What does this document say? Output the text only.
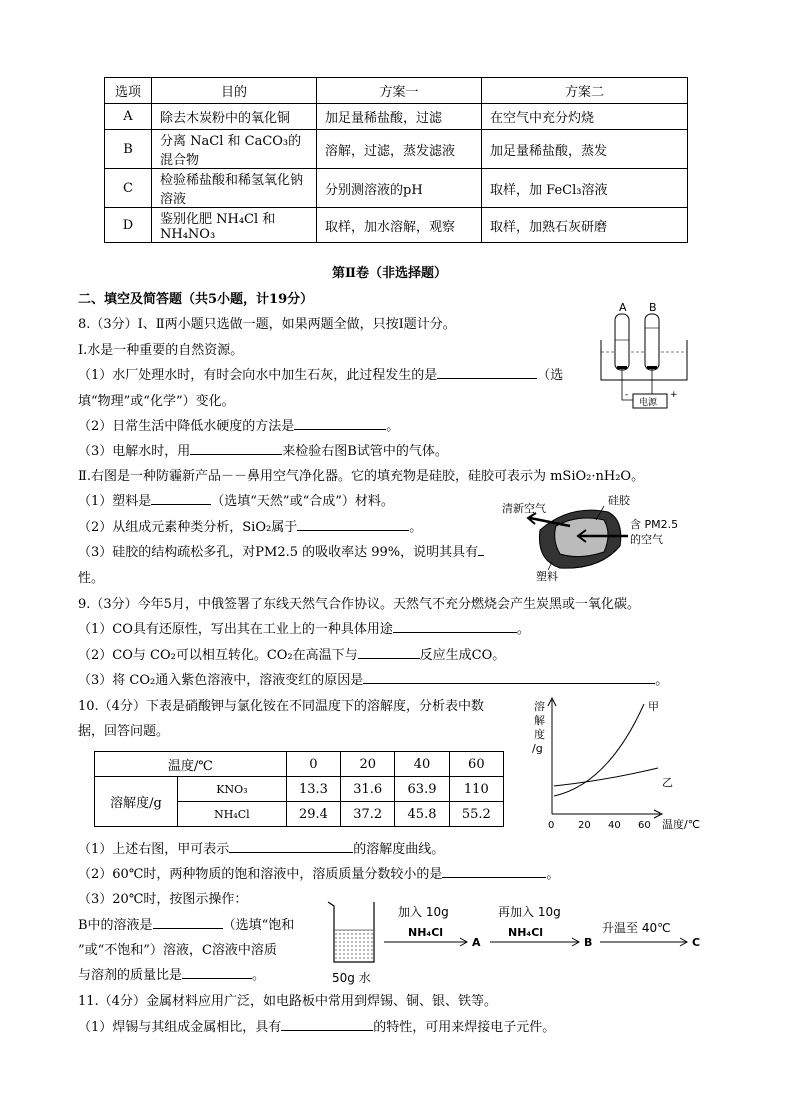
选项	目的	方案一	方案二
A	除去木炭粉中的氧化铜	加足量稀盐酸，过滤	在空气中充分灼烧
B	分离 NaCl 和 CaCO₃的混合物	溶解，过滤，蒸发滤液	加足量稀盐酸，蒸发
C	检验稀盐酸和稀氢氧化钠溶液	分别测溶液的pH	取样，加 FeCl₃溶液
D	鉴别化肥 NH₄Cl 和 NH₄NO₃	取样，加水溶解，观察	取样，加熟石灰研磨
第Ⅱ卷（非选择题）
二、填空及简答题（共5小题，计19分）
8.（3分）Ⅰ、Ⅱ两小题只选做一题，如果两题全做，只按Ⅰ题计分。
Ⅰ.水是一种重要的自然资源。
（1）水厂处理水时，有时会向水中加生石灰，此过程发生的是	（选
填“物理”或“化学”）变化。
（2）日常生活中降低水硬度的方法是	。
（3）电解水时，用	来检验右图B试管中的气体。
Ⅱ.右图是一种防霾新产品－－鼻用空气净化器。它的填充物是硅胶，硅胶可表示为 mSiO₂·nH₂O。
（1）塑料是	（选填“天然”或“合成”）材料。
（2）从组成元素种类分析，SiO₂属于	。
（3）硅胶的结构疏松多孔，对PM2.5 的吸收率达 99%，说明其具有
性。
A B
电源
-	+
清新空气
硅胶
含 PM2.5
的空气
塑料
9.（3分）今年5月，中俄签署了东线天然气合作协议。天然气不充分燃烧会产生炭黑或一氧化碳。
（1）CO具有还原性，写出其在工业上的一种具体用途	。
（2）CO与 CO₂可以相互转化。CO₂在高温下与	反应生成CO。
（3）将 CO₂通入紫色溶液中，溶液变红的原因是	。
10.（4分）下表是硝酸钾与氯化铵在不同温度下的溶解度，分析表中数
据，回答问题。
温度/℃		0	20	40	60
溶解度/g	KNO₃	13.3	31.6	63.9	110
	NH₄Cl	29.4	37.2	45.8	55.2
溶
解
度
/g
0 20 40 60 温度/℃
甲
乙
（1）上述右图，甲可表示	的溶解度曲线。
（2）60℃时，两种物质的饱和溶液中，溶质质量分数较小的是	。
（3）20℃时，按图示操作：
B中的溶液是	（选填“饱和
”或“不饱和”）溶液，C溶液中溶质
与溶剂的质量比是	。	50g 水
加入 10g
NH₄Cl
A
再加入 10g
NH₄Cl
B
升温至 40℃
C
11.（4分）金属材料应用广泛，如电路板中常用到焊锡、铜、银、铁等。
（1）焊锡与其组成金属相比，具有	的特性，可用来焊接电子元件。
